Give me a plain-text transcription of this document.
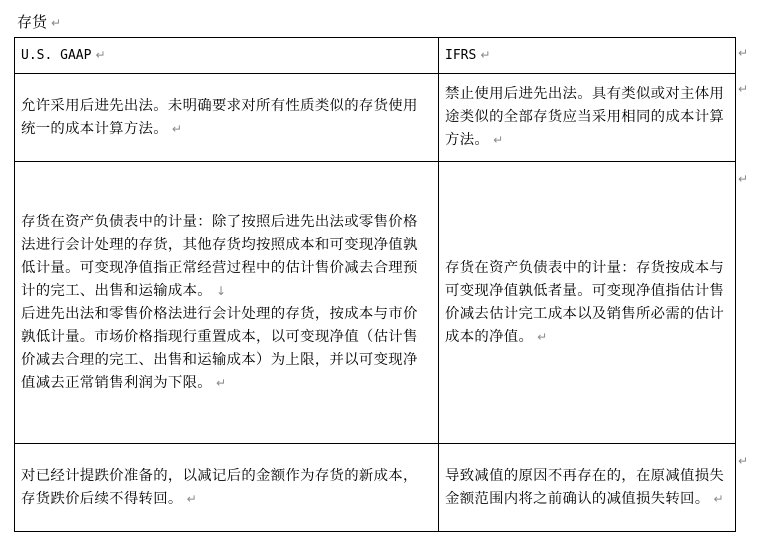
存货 ↵
U.S. GAAP ↵	IFRS ↵
允许采用后进先出法。未明确要求对所有性质类似的存货使用统一的成本计算方法。 ↵	禁止使用后进先出法。具有类似或对主体用途类似的全部存货应当采用相同的成本计算方法。 ↵
存货在资产负债表中的计量：除了按照后进先出法或零售价格法进行会计处理的存货，其他存货均按照成本和可变现净值孰低计量。可变现净值指正常经营过程中的估计售价减去合理预计的完工、出售和运输成本。 ↓
后进先出法和零售价格法进行会计处理的存货，按成本与市价孰低计量。市场价格指现行重置成本，以可变现净值（估计售价减去合理的完工、出售和运输成本）为上限，并以可变现净值减去正常销售利润为下限。 ↵	存货在资产负债表中的计量：存货按成本与可变现净值孰低者量。可变现净值指估计售价减去估计完工成本以及销售所必需的估计成本的净值。 ↵
对已经计提跌价准备的，以减记后的金额作为存货的新成本，存货跌价后续不得转回。 ↵	导致减值的原因不再存在的，在原减值损失金额范围内将之前确认的减值损失转回。 ↵
↵
↵
↵
↵
